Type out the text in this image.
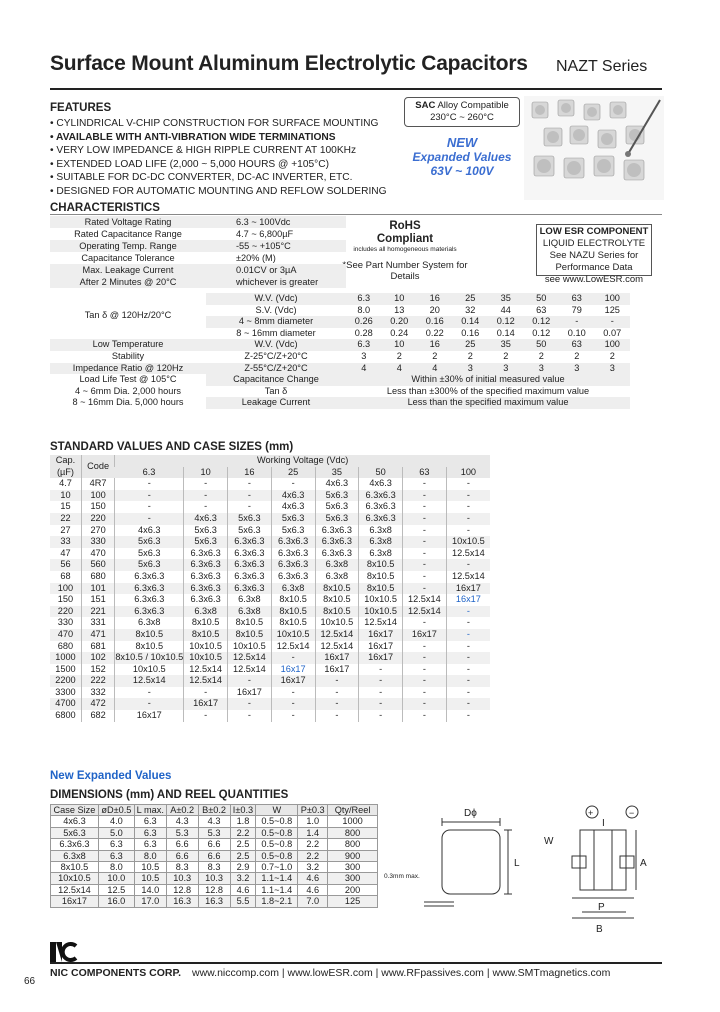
Surface Mount Aluminum Electrolytic Capacitors NAZT Series
FEATURES
• CYLINDRICAL V-CHIP CONSTRUCTION FOR SURFACE MOUNTING
• AVAILABLE WITH ANTI-VIBRATION WIDE TERMINATIONS
• VERY LOW IMPEDANCE & HIGH RIPPLE CURRENT AT 100KHz
• EXTENDED LOAD LIFE (2,000 ~ 5,000 HOURS @ +105°C)
• SUITABLE FOR DC-DC CONVERTER, DC-AC INVERTER, ETC.
• DESIGNED FOR AUTOMATIC MOUNTING AND REFLOW SOLDERING
SAC Alloy Compatible
230°C ~ 260°C
NEW
Expanded Values
63V ~ 100V
RoHS
Compliant
includes all homogeneous materials
*See Part Number System for Details
LOW ESR COMPONENT
LIQUID ELECTROLYTE
See NAZU Series for Performance Data
see www.LowESR.com
CHARACTERISTICS
Rated Voltage Rating	6.3 ~ 100Vdc
Rated Capacitance Range	4.7 ~ 6,800µF
Operating Temp. Range	-55 ~ +105°C
Capacitance Tolerance	±20% (M)
Max. Leakage Current	0.01CV or 3µA
After 2 Minutes @ 20°C	whichever is greater
Tan δ @ 120Hz/20°C	W.V. (Vdc)	6.3	10	16	25	35	50	63	100
	S.V. (Vdc)	8.0	13	20	32	44	63	79	125
	4 ~ 8mm diameter	0.26	0.20	0.16	0.14	0.12	0.12	-	-
	8 ~ 16mm diameter	0.28	0.24	0.22	0.16	0.14	0.12	0.10	0.07
Low Temperature	W.V. (Vdc)	6.3	10	16	25	35	50	63	100
Stability	Z-25°C/Z+20°C	3	2	2	2	2	2	2	2
Impedance Ratio @ 120Hz	Z-55°C/Z+20°C	4	4	4	3	3	3	3	3
Load Life Test @ 105°C	Capacitance Change	Within ±30% of initial measured value							
4 ~ 6mm Dia. 2,000 hours	Tan δ	Less than ±300% of the specified maximum value							
8 ~ 16mm Dia. 5,000 hours	Leakage Current	Less than the specified maximum value							
STANDARD VALUES AND CASE SIZES (mm)
Cap.
(µF)	Code	Working Voltage (Vdc)							
		6.3	10	16	25	35	50	63	100
4.7	4R7	-	-	-	-	4x6.3	4x6.3	-	-
10	100	-	-	-	4x6.3	5x6.3	6.3x6.3	-	-
15	150	-	-	-	4x6.3	5x6.3	6.3x6.3	-	-
22	220	-	4x6.3	5x6.3	5x6.3	5x6.3	6.3x6.3	-	-
27	270	4x6.3	5x6.3	5x6.3	5x6.3	6.3x6.3	6.3x8	-	-
33	330	5x6.3	5x6.3	6.3x6.3	6.3x6.3	6.3x6.3	6.3x8	-	10x10.5
47	470	5x6.3	6.3x6.3	6.3x6.3	6.3x6.3	6.3x6.3	6.3x8	-	12.5x14
56	560	5x6.3	6.3x6.3	6.3x6.3	6.3x6.3	6.3x8	8x10.5	-	-
68	680	6.3x6.3	6.3x6.3	6.3x6.3	6.3x6.3	6.3x8	8x10.5	-	12.5x14
100	101	6.3x6.3	6.3x6.3	6.3x6.3	6.3x8	8x10.5	8x10.5	-	16x17
150	151	6.3x6.3	6.3x6.3	6.3x8	8x10.5	8x10.5	10x10.5	12.5x14	16x17
220	221	6.3x6.3	6.3x8	6.3x8	8x10.5	8x10.5	10x10.5	12.5x14	-
330	331	6.3x8	8x10.5	8x10.5	8x10.5	10x10.5	12.5x14	-	-
470	471	8x10.5	8x10.5	8x10.5	10x10.5	12.5x14	16x17	16x17	-
680	681	8x10.5	10x10.5	10x10.5	12.5x14	12.5x14	16x17	-	-
1000	102	8x10.5 / 10x10.5	10x10.5	12.5x14	-	16x17	16x17	-	-
1500	152	10x10.5	12.5x14	12.5x14	16x17	16x17	-	-	-
2200	222	12.5x14	12.5x14	-	16x17	-	-	-	-
3300	332	-	-	16x17	-	-	-	-	-
4700	472	-	16x17	-	-	-	-	-	-
6800	682	16x17	-	-	-	-	-	-	-
New Expanded Values
DIMENSIONS (mm) AND REEL QUANTITIES
Case Size	øD±0.5	L max.	A±0.2	B±0.2	I±0.3	W	P±0.3	Qty/Reel
4x6.3	4.0	6.3	4.3	4.3	1.8	0.5~0.8	1.0	1000
5x6.3	5.0	6.3	5.3	5.3	2.2	0.5~0.8	1.4	800
6.3x6.3	6.3	6.3	6.6	6.6	2.5	0.5~0.8	2.2	800
6.3x8	6.3	8.0	6.6	6.6	2.5	0.5~0.8	2.2	900
8x10.5	8.0	10.5	8.3	8.3	2.9	0.7~1.0	3.2	300
10x10.5	10.0	10.5	10.3	10.3	3.2	1.1~1.4	4.6	300
12.5x14	12.5	14.0	12.8	12.8	4.6	1.1~1.4	4.6	200
16x17	16.0	17.0	16.3	16.3	5.5	1.8~2.1	7.0	125
Dϕ
L
0.3mm max.
W
A
P
B
I
+	−
NIC COMPONENTS CORP. www.niccomp.com | www.lowESR.com | www.RFpassives.com | www.SMTmagnetics.com
66
